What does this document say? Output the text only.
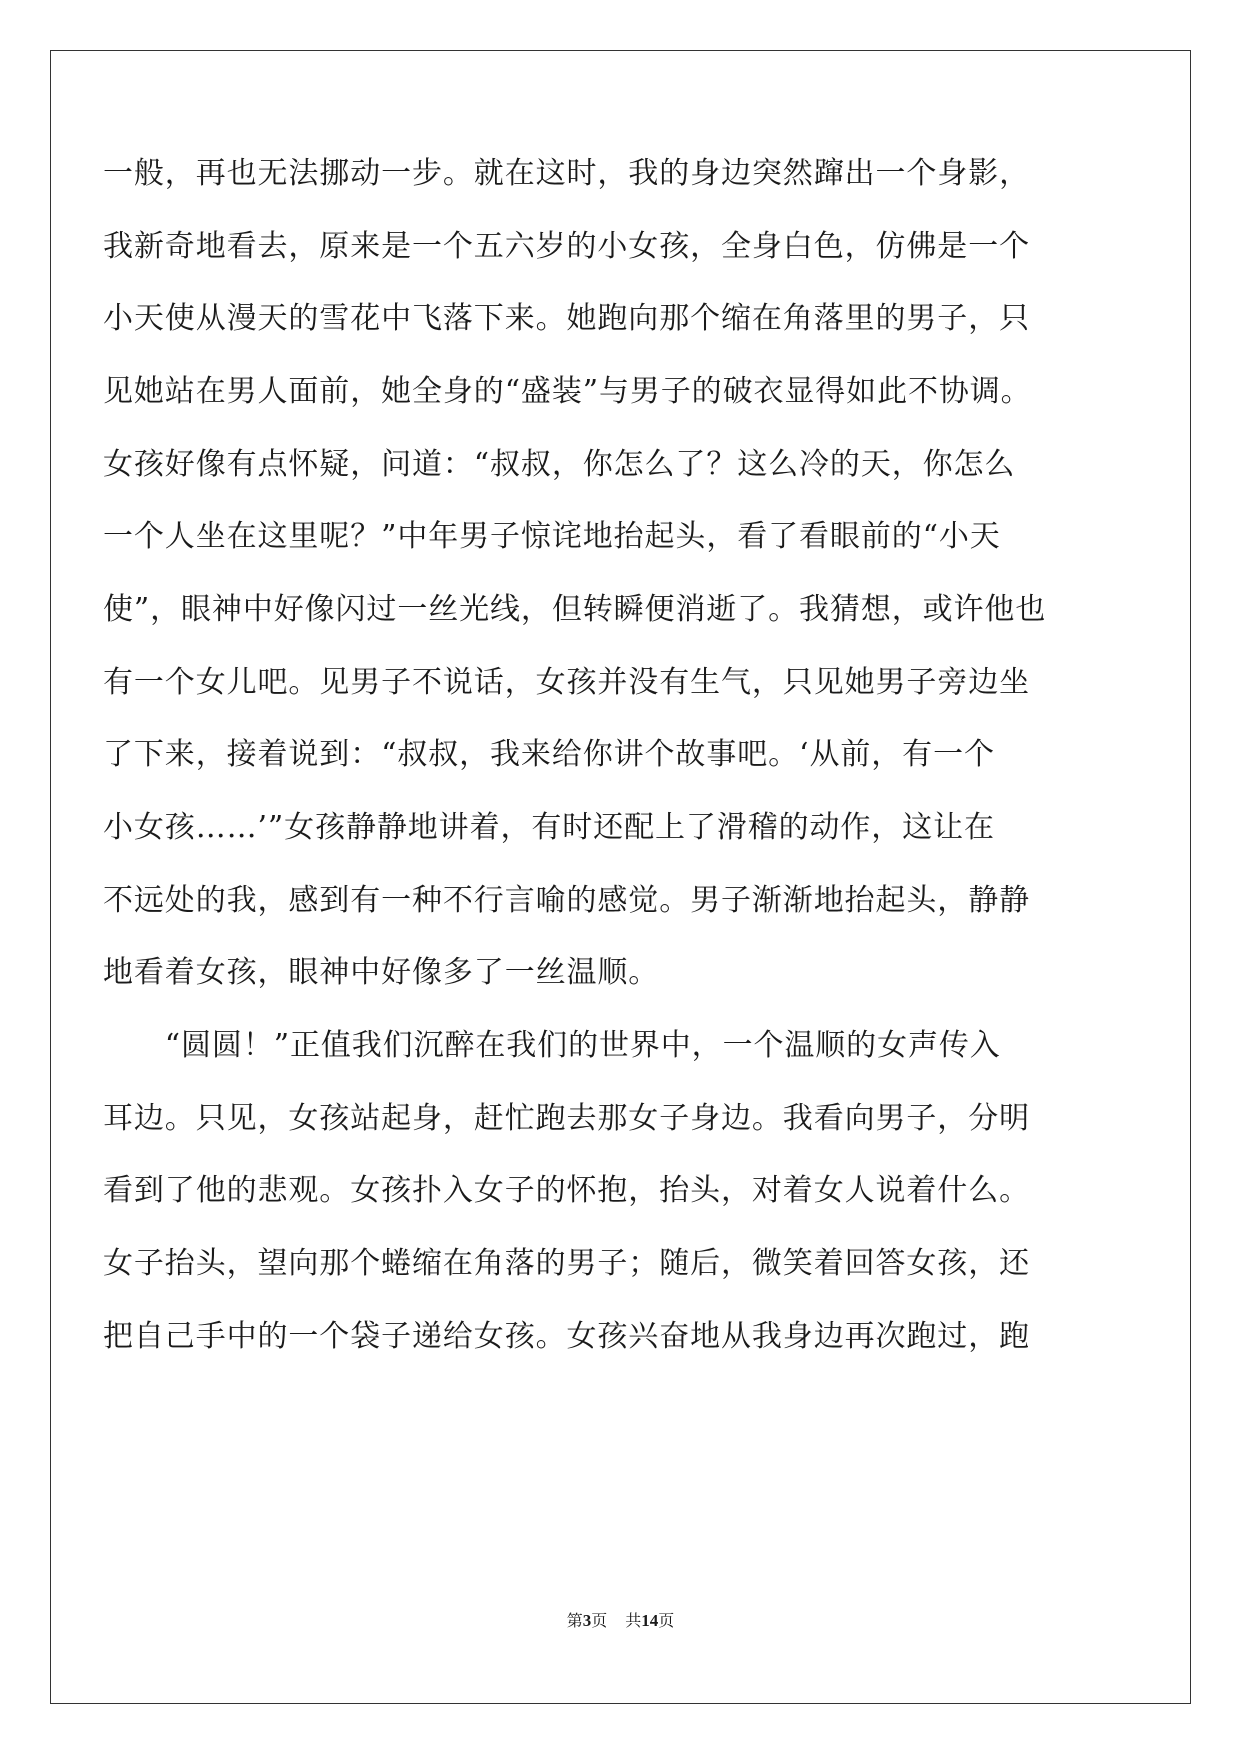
一般，再也无法挪动一步。就在这时，我的身边突然蹿出一个身影，
我新奇地看去，原来是一个五六岁的小女孩，全身白色，仿佛是一个
小天使从漫天的雪花中飞落下来。她跑向那个缩在角落里的男子，只
见她站在男人面前，她全身的“盛装”与男子的破衣显得如此不协调。
女孩好像有点怀疑，问道：“叔叔，你怎么了？这么冷的天，你怎么
一个人坐在这里呢？”中年男子惊诧地抬起头，看了看眼前的“小天
使”，眼神中好像闪过一丝光线，但转瞬便消逝了。我猜想，或许他也
有一个女儿吧。见男子不说话，女孩并没有生气，只见她男子旁边坐
了下来，接着说到：“叔叔，我来给你讲个故事吧。‘从前，有一个
小女孩……’”女孩静静地讲着，有时还配上了滑稽的动作，这让在
不远处的我，感到有一种不行言喻的感觉。男子渐渐地抬起头，静静
地看着女孩，眼神中好像多了一丝温顺。
　　“圆圆！”正值我们沉醉在我们的世界中，一个温顺的女声传入
耳边。只见，女孩站起身，赶忙跑去那女子身边。我看向男子，分明
看到了他的悲观。女孩扑入女子的怀抱，抬头，对着女人说着什么。
女子抬头，望向那个蜷缩在角落的男子；随后，微笑着回答女孩，还
把自己手中的一个袋子递给女孩。女孩兴奋地从我身边再次跑过，跑
第3页 共14页
